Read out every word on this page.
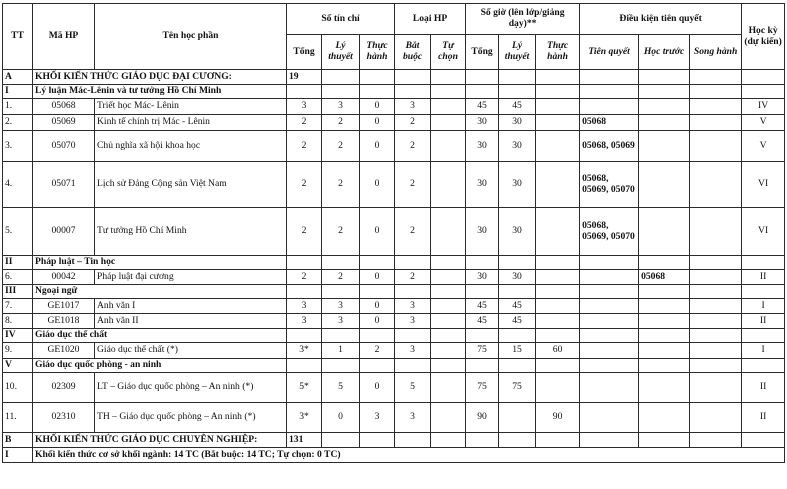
TT	Mã HP	Tên học phần	Số tín chỉ			Loại HP		Số giờ (lên lớp/giảng dạy)**			Điều kiện tiên quyết			Học kỳ (dự kiến)
			Tổng	Lý thuyết	Thực hành	Bắt buộc	Tự chọn	Tổng	Lý thuyết	Thực hành	Tiên quyết	Học trước	Song hành	
A	KHỐI KIẾN THỨC GIÁO DỤC ĐẠI CƯƠNG:		19											
I	Lý luận Mác-Lênin và tư tưởng Hồ Chí Minh													
1.	05068	Triết học Mác- Lênin	3	3	0	3		45	45					IV
2.	05069	Kinh tế chính trị Mác - Lênin	2	2	0	2		30	30		05068			V
3.	05070	Chủ nghĩa xã hội khoa học	2	2	0	2		30	30		05068, 05069			V
4.	05071	Lịch sử Đảng Cộng sản Việt Nam	2	2	0	2		30	30		05068, 05069, 05070			VI
5.	00007	Tư tưởng Hồ Chí Minh	2	2	0	2		30	30		05068, 05069, 05070			VI
II	Pháp luật – Tin học													
6.	00042	Pháp luật đại cương	2	2	0	2		30	30			05068		II
III	Ngoại ngữ													
7.	GE1017	Anh văn I	3	3	0	3		45	45					I
8.	GE1018	Anh văn II	3	3	0	3		45	45					II
IV	Giáo dục thể chất													
9.	GE1020	Giáo dục thể chất (*)	3*	1	2	3		75	15	60				I
V	Giáo dục quốc phòng - an ninh													
10.	02309	LT – Giáo dục quốc phòng – An ninh (*)	5*	5	0	5		75	75					II
11.	02310	TH – Giáo dục quốc phòng – An ninh (*)	3*	0	3	3		90		90				II
B	KHỐI KIẾN THỨC GIÁO DỤC CHUYÊN NGHIỆP:		131											
I	Khối kiến thức cơ sở khối ngành: 14 TC (Bắt buộc: 14 TC; Tự chọn: 0 TC)													
